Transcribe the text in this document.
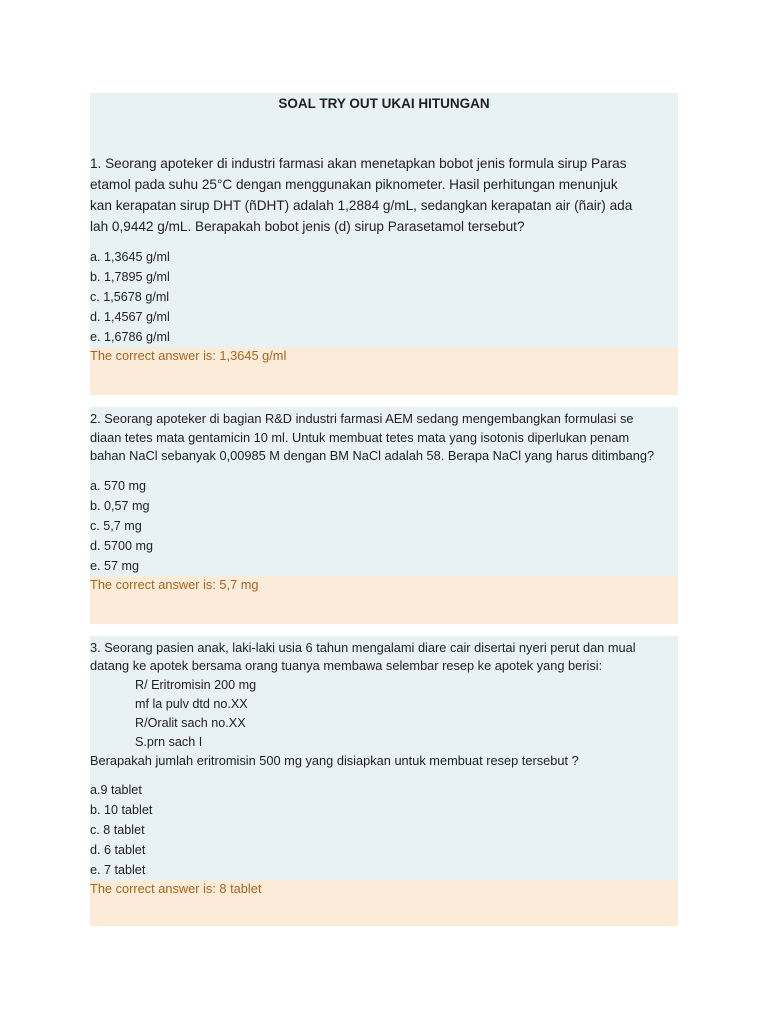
SOAL TRY OUT UKAI HITUNGAN

1. Seorang apoteker di industri farmasi akan menetapkan bobot jenis formula sirup Paras

etamol pada suhu 25°C dengan menggunakan piknometer. Hasil perhitungan menunjuk

kan kerapatan sirup DHT (ñDHT) adalah 1,2884 g/mL, sedangkan kerapatan air (ñair) ada

lah 0,9442 g/mL. Berapakah bobot jenis (d) sirup Parasetamol tersebut?

a. 1,3645 g/ml
b. 1,7895 g/ml
c. 1,5678 g/ml
d. 1,4567 g/ml
e. 1,6786 g/ml
The correct answer is: 1,3645 g/ml

2. Seorang apoteker di bagian R&D industri farmasi AEM sedang mengembangkan formulasi se

diaan tetes mata gentamicin 10 ml. Untuk membuat tetes mata yang isotonis diperlukan penam

bahan NaCl sebanyak 0,00985 M dengan BM NaCl adalah 58. Berapa NaCl yang harus ditimbang?

a. 570 mg
b. 0,57 mg
c. 5,7 mg
d. 5700 mg
e. 57 mg
The correct answer is: 5,7 mg

3. Seorang pasien anak, laki-laki usia 6 tahun mengalami diare cair disertai nyeri perut dan mual

datang ke apotek bersama orang tuanya membawa selembar resep ke apotek yang berisi:

R/ Eritromisin 200 mg
mf la pulv dtd no.XX
R/Oralit sach no.XX
S.prn sach I

Berapakah jumlah eritromisin 500 mg yang disiapkan untuk membuat resep tersebut ?

a.9 tablet
b. 10 tablet
c. 8 tablet
d. 6 tablet
e. 7 tablet
The correct answer is: 8 tablet
